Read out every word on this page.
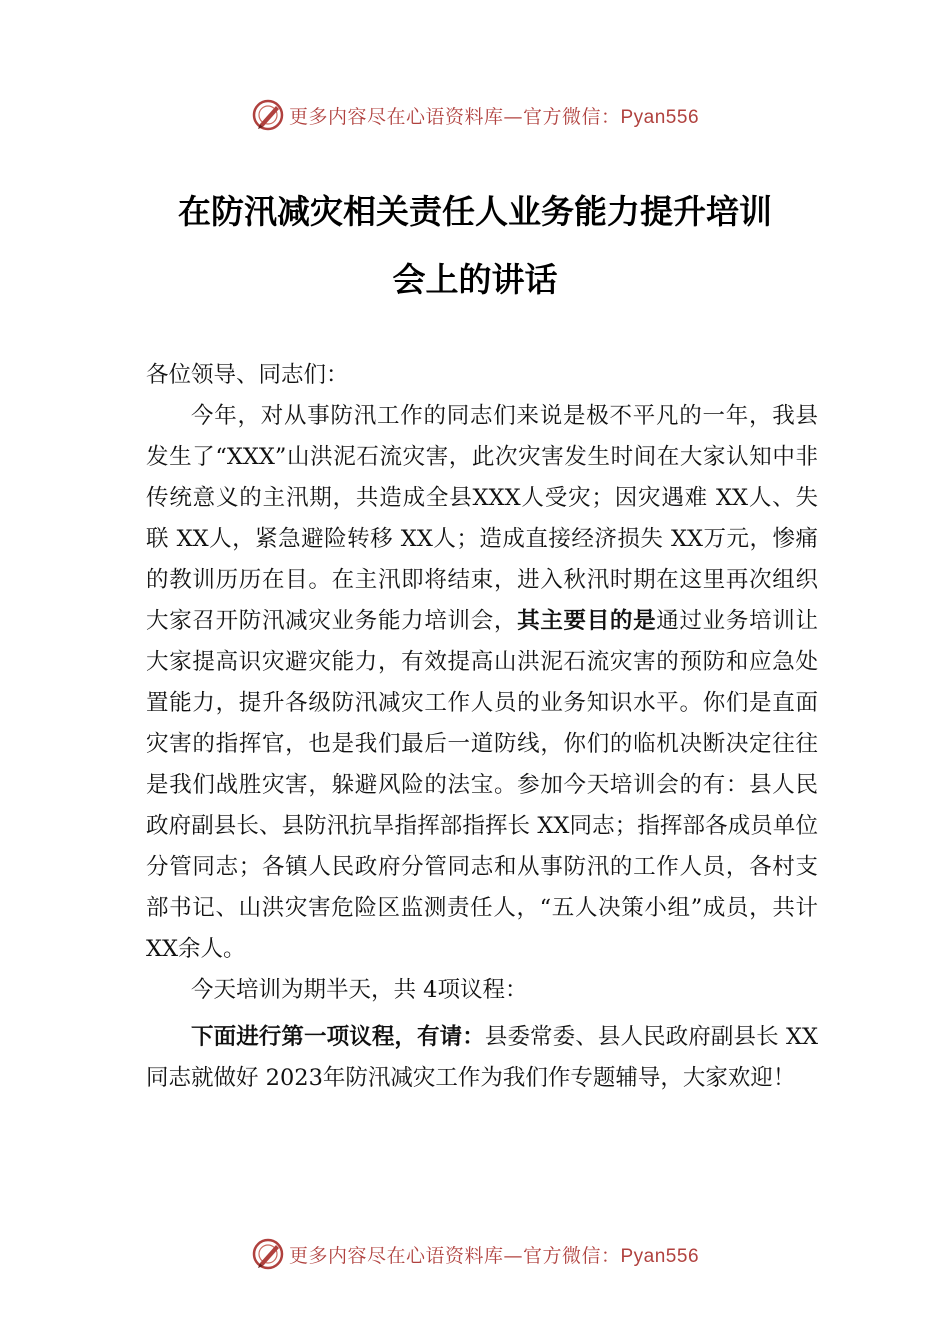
更多内容尽在心语资料库—官方微信：Pyan556
在防汛减灾相关责任人业务能力提升培训
会上的讲话

各位领导、同志们：

今年，对从事防汛工作的同志们来说是极不平凡的一年，我县发生了“XXX”山洪泥石流灾害，此次灾害发生时间在大家认知中非传统意义的主汛期，共造成全县XXX人受灾；因灾遇难 XX人、失联 XX人，紧急避险转移 XX人；造成直接经济损失 XX万元，惨痛的教训历历在目。在主汛即将结束，进入秋汛时期在这里再次组织大家召开防汛减灾业务能力培训会，其主要目的是通过业务培训让大家提高识灾避灾能力，有效提高山洪泥石流灾害的预防和应急处置能力，提升各级防汛减灾工作人员的业务知识水平。你们是直面灾害的指挥官，也是我们最后一道防线，你们的临机决断决定往往是我们战胜灾害，躲避风险的法宝。参加今天培训会的有：县人民政府副县长、县防汛抗旱指挥部指挥长 XX同志；指挥部各成员单位分管同志；各镇人民政府分管同志和从事防汛的工作人员，各村支部书记、山洪灾害危险区监测责任人，“五人决策小组”成员，共计 XX余人。

今天培训为期半天，共 4项议程：

下面进行第一项议程，有请：县委常委、县人民政府副县长 XX同志就做好 2023年防汛减灾工作为我们作专题辅导，大家欢迎！

更多内容尽在心语资料库—官方微信：Pyan556
